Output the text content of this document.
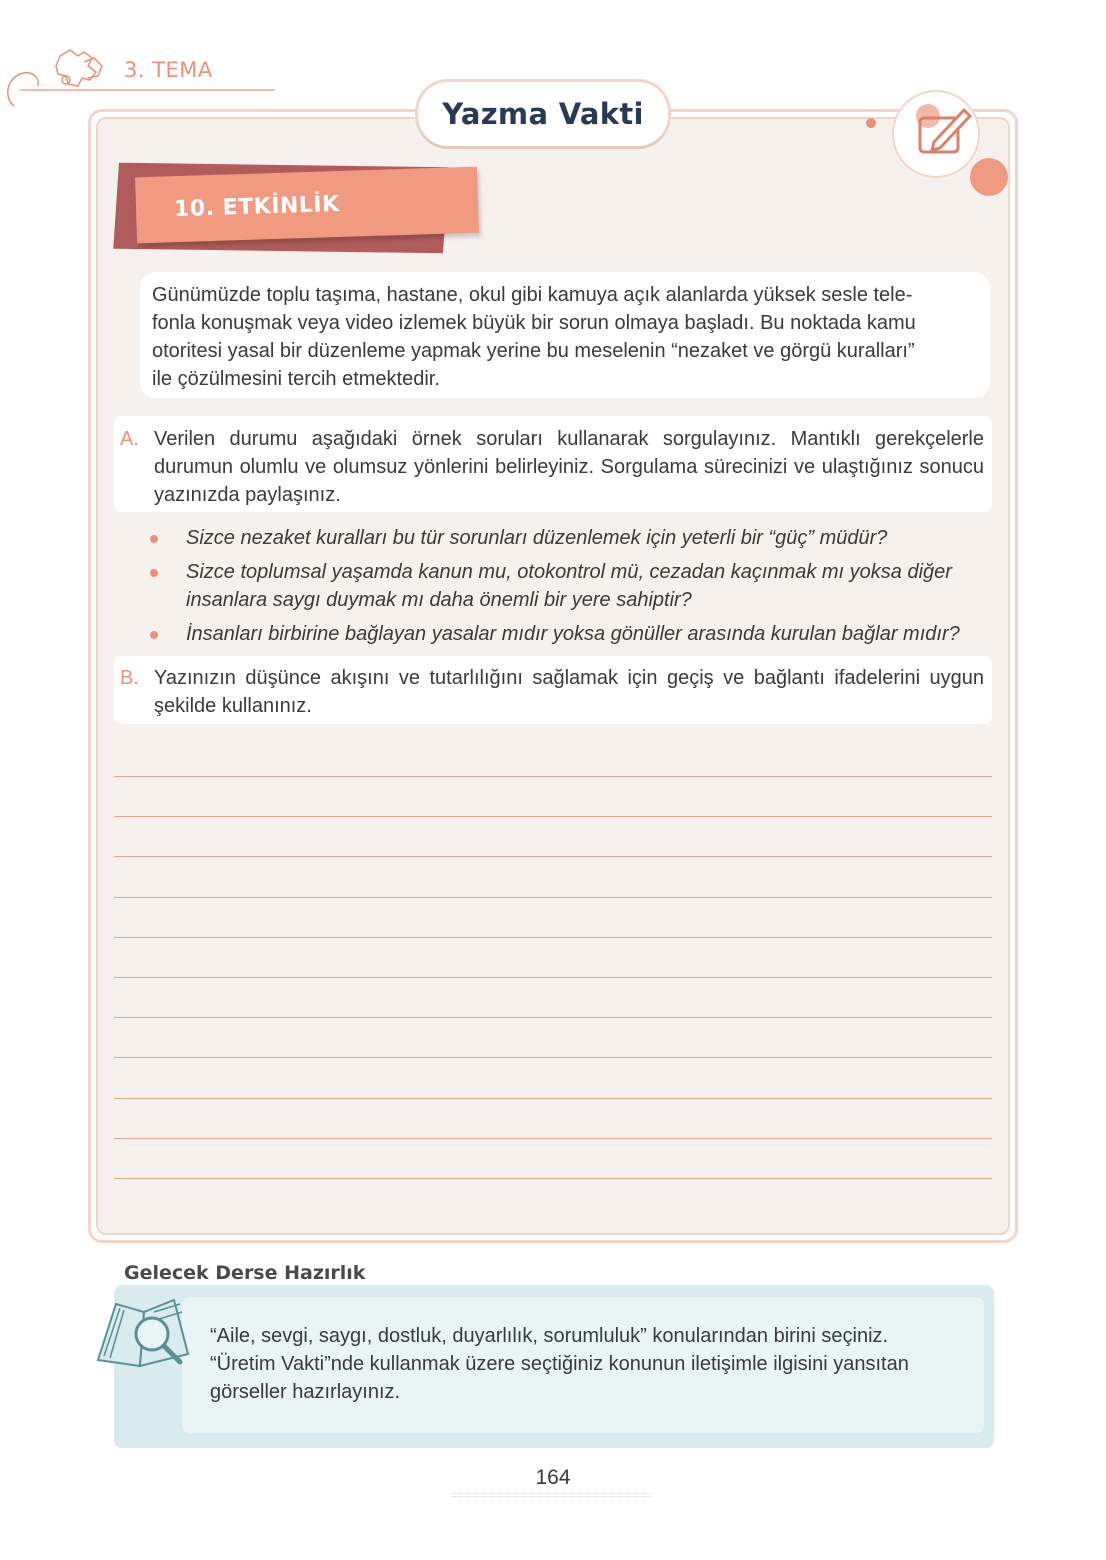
3. TEMA
Yazma Vakti
10. ETKİNLİK
Günümüzde toplu taşıma, hastane, okul gibi kamuya açık alanlarda yüksek sesle tele-
fonla konuşmak veya video izlemek büyük bir sorun olmaya başladı. Bu noktada kamu
otoritesi yasal bir düzenleme yapmak yerine bu meselenin “nezaket ve görgü kuralları”
ile çözülmesini tercih etmektedir.
A. Verilen durumu aşağıdaki örnek soruları kullanarak sorgulayınız. Mantıklı gerekçelerle durumun olumlu ve olumsuz yönlerini belirleyiniz. Sorgulama sürecinizi ve ulaştığınız sonucu yazınızda paylaşınız.
Sizce nezaket kuralları bu tür sorunları düzenlemek için yeterli bir “güç” müdür?
Sizce toplumsal yaşamda kanun mu, otokontrol mü, cezadan kaçınmak mı yoksa diğer insanlara saygı duymak mı daha önemli bir yere sahiptir?
İnsanları birbirine bağlayan yasalar mıdır yoksa gönüller arasında kurulan bağlar mıdır?
B. Yazınızın düşünce akışını ve tutarlılığını sağlamak için geçiş ve bağlantı ifadelerini uygun şekilde kullanınız.
Gelecek Derse Hazırlık
“Aile, sevgi, saygı, dostluk, duyarlılık, sorumluluk” konularından birini seçiniz.
“Üretim Vakti”nde kullanmak üzere seçtiğiniz konunun iletişimle ilgisini yansıtan
görseller hazırlayınız.
164
